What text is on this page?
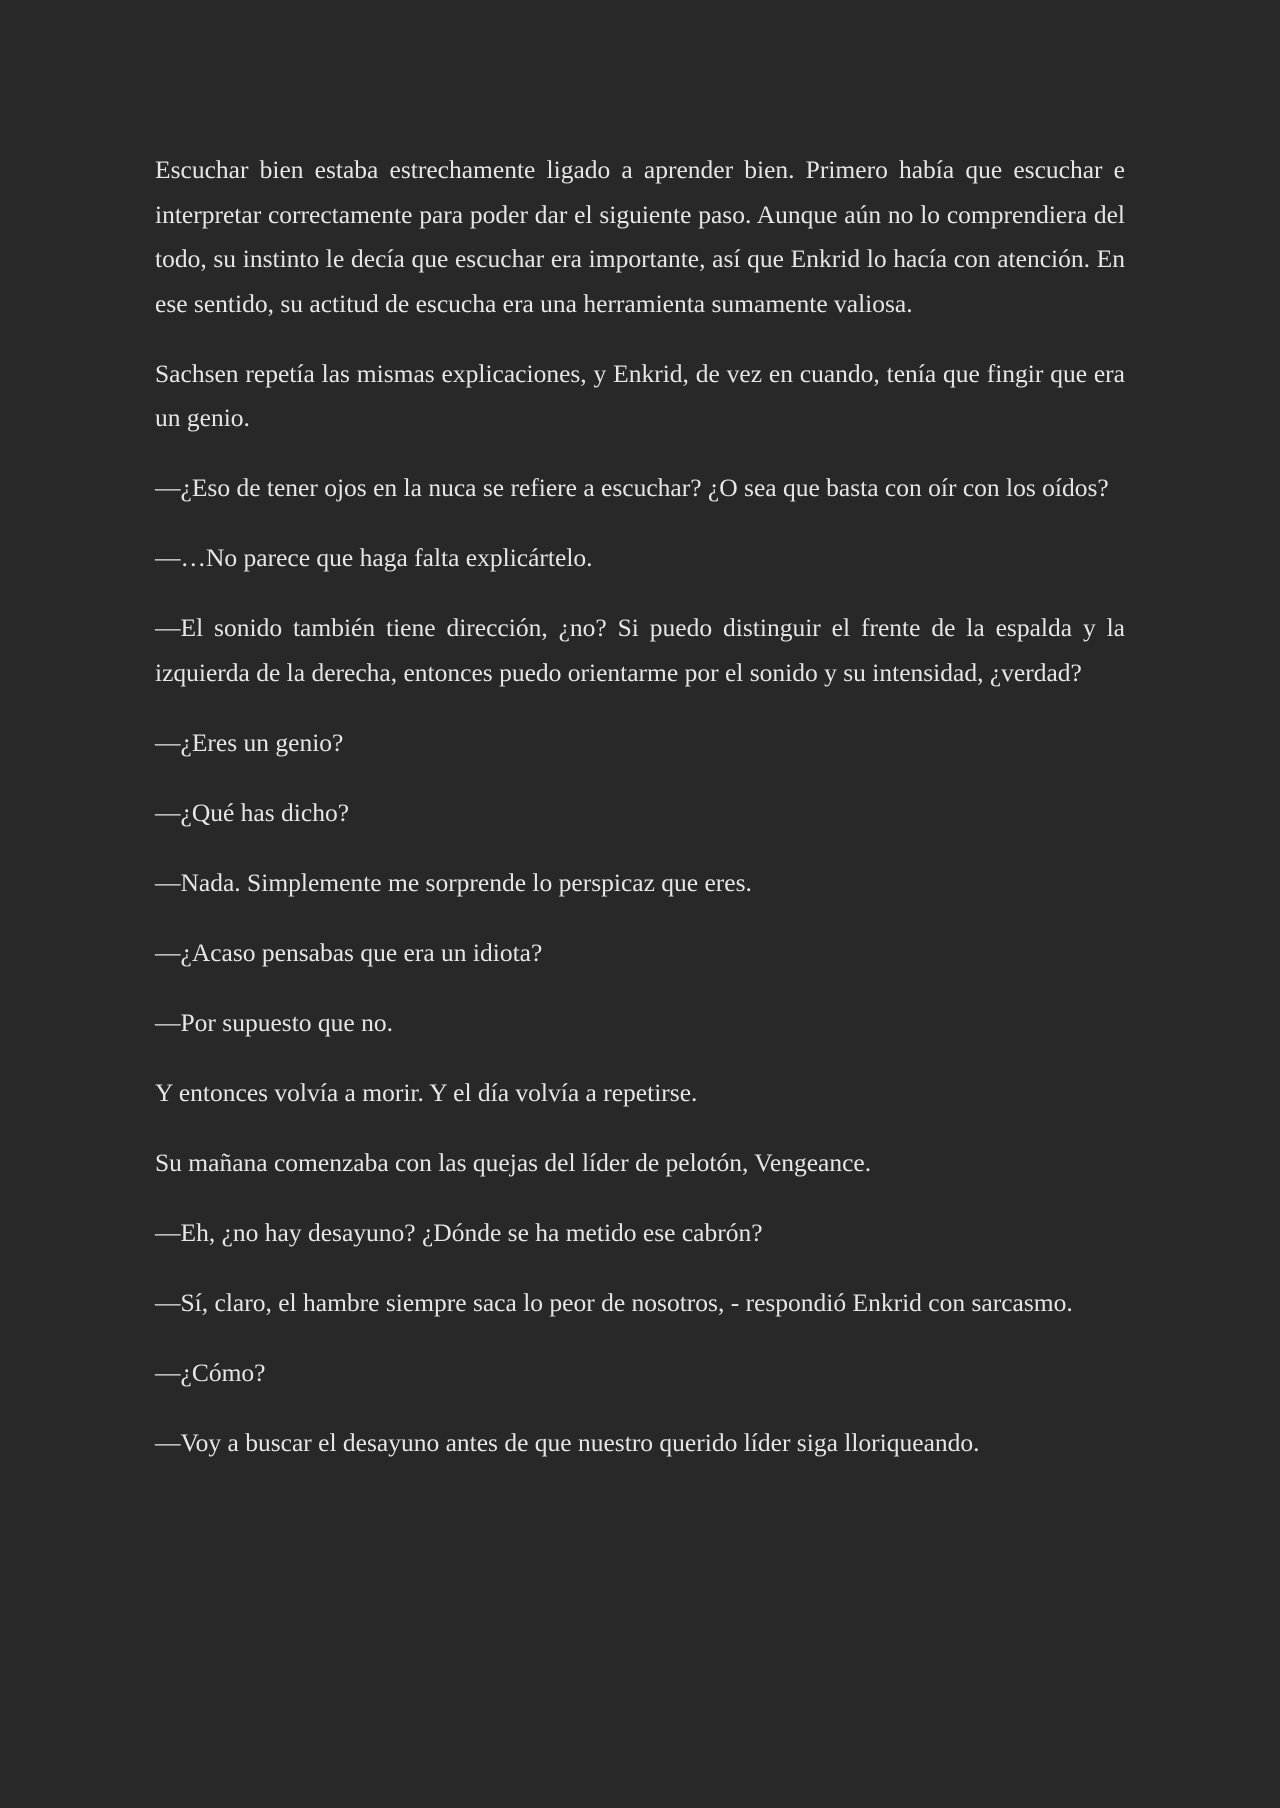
Escuchar bien estaba estrechamente ligado a aprender bien. Primero había que escuchar e interpretar correctamente para poder dar el siguiente paso. Aunque aún no lo comprendiera del todo, su instinto le decía que escuchar era importante, así que Enkrid lo hacía con atención. En ese sentido, su actitud de escucha era una herramienta sumamente valiosa.

Sachsen repetía las mismas explicaciones, y Enkrid, de vez en cuando, tenía que fingir que era un genio.

—¿Eso de tener ojos en la nuca se refiere a escuchar? ¿O sea que basta con oír con los oídos?

—…No parece que haga falta explicártelo.

—El sonido también tiene dirección, ¿no? Si puedo distinguir el frente de la espalda y la izquierda de la derecha, entonces puedo orientarme por el sonido y su intensidad, ¿verdad?

—¿Eres un genio?

—¿Qué has dicho?

—Nada. Simplemente me sorprende lo perspicaz que eres.

—¿Acaso pensabas que era un idiota?

—Por supuesto que no.

Y entonces volvía a morir. Y el día volvía a repetirse.

Su mañana comenzaba con las quejas del líder de pelotón, Vengeance.

—Eh, ¿no hay desayuno? ¿Dónde se ha metido ese cabrón?

—Sí, claro, el hambre siempre saca lo peor de nosotros, - respondió Enkrid con sarcasmo.

—¿Cómo?

—Voy a buscar el desayuno antes de que nuestro querido líder siga lloriqueando.
